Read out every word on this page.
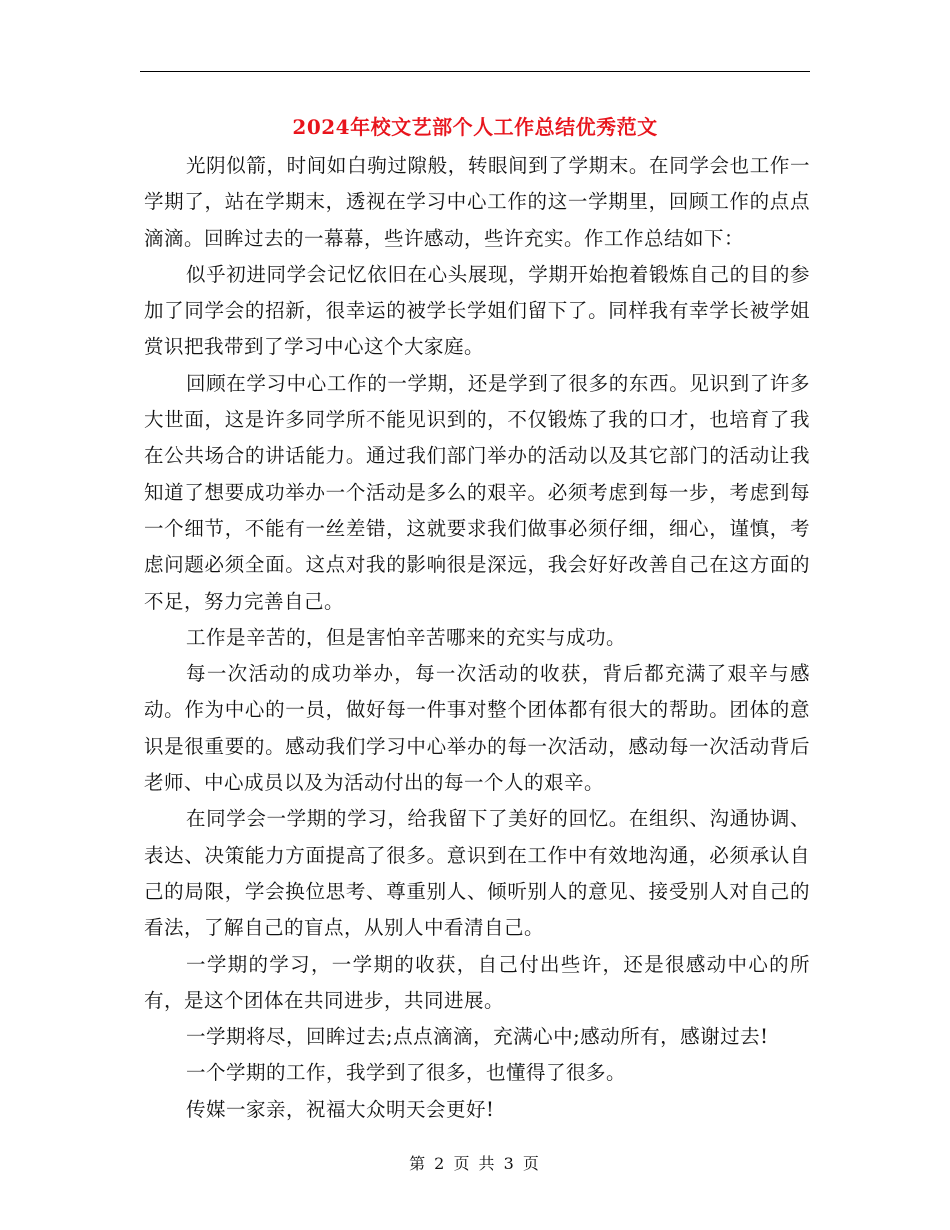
2024年校文艺部个人工作总结优秀范文

光阴似箭，时间如白驹过隙般，转眼间到了学期末。在同学会也工作一学期了，站在学期末，透视在学习中心工作的这一学期里，回顾工作的点点滴滴。回眸过去的一幕幕，些许感动，些许充实。作工作总结如下：

似乎初进同学会记忆依旧在心头展现，学期开始抱着锻炼自己的目的参加了同学会的招新，很幸运的被学长学姐们留下了。同样我有幸学长被学姐赏识把我带到了学习中心这个大家庭。

回顾在学习中心工作的一学期，还是学到了很多的东西。见识到了许多大世面，这是许多同学所不能见识到的，不仅锻炼了我的口才，也培育了我在公共场合的讲话能力。通过我们部门举办的活动以及其它部门的活动让我知道了想要成功举办一个活动是多么的艰辛。必须考虑到每一步，考虑到每一个细节，不能有一丝差错，这就要求我们做事必须仔细，细心，谨慎，考虑问题必须全面。这点对我的影响很是深远，我会好好改善自己在这方面的不足，努力完善自己。

工作是辛苦的，但是害怕辛苦哪来的充实与成功。

每一次活动的成功举办，每一次活动的收获，背后都充满了艰辛与感动。作为中心的一员，做好每一件事对整个团体都有很大的帮助。团体的意识是很重要的。感动我们学习中心举办的每一次活动，感动每一次活动背后老师、中心成员以及为活动付出的每一个人的艰辛。

在同学会一学期的学习，给我留下了美好的回忆。在组织、沟通协调、表达、决策能力方面提高了很多。意识到在工作中有效地沟通，必须承认自己的局限，学会换位思考、尊重别人、倾听别人的意见、接受别人对自己的看法，了解自己的盲点，从别人中看清自己。

一学期的学习，一学期的收获，自己付出些许，还是很感动中心的所有，是这个团体在共同进步，共同进展。

一学期将尽，回眸过去;点点滴滴，充满心中;感动所有，感谢过去!

一个学期的工作，我学到了很多，也懂得了很多。

传媒一家亲，祝福大众明天会更好!

第 2 页 共 3 页
